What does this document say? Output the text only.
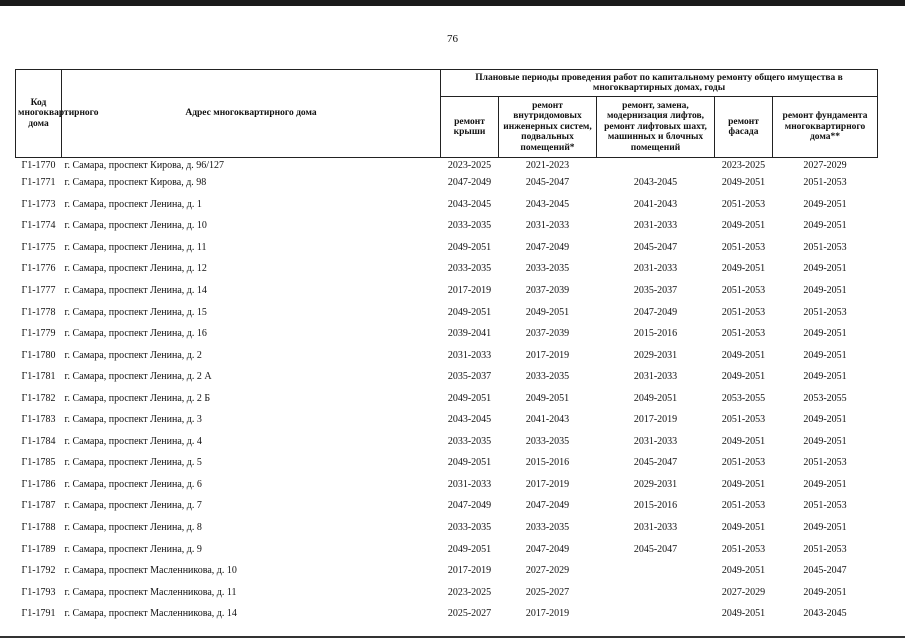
76
Код многоквартирного дома	Адрес многоквартирного дома	Плановые периоды проведения работ по капитальному ремонту общего имущества в многоквартирных домах, годы				
		ремонт крыши	ремонт внутридомовых инженерных систем, подвальных помещений*	ремонт, замена, модернизация лифтов, ремонт лифтовых шахт, машинных и блочных помещений	ремонт фасада	ремонт фундамента многоквартирного дома**
Г1-1770	г. Самара, проспект Кирова, д. 96/127	2023-2025	2021-2023		2023-2025	2027-2029
Г1-1771	г. Самара, проспект Кирова, д. 98	2047-2049	2045-2047	2043-2045	2049-2051	2051-2053
Г1-1773	г. Самара, проспект Ленина, д. 1	2043-2045	2043-2045	2041-2043	2051-2053	2049-2051
Г1-1774	г. Самара, проспект Ленина, д. 10	2033-2035	2031-2033	2031-2033	2049-2051	2049-2051
Г1-1775	г. Самара, проспект Ленина, д. 11	2049-2051	2047-2049	2045-2047	2051-2053	2051-2053
Г1-1776	г. Самара, проспект Ленина, д. 12	2033-2035	2033-2035	2031-2033	2049-2051	2049-2051
Г1-1777	г. Самара, проспект Ленина, д. 14	2017-2019	2037-2039	2035-2037	2051-2053	2049-2051
Г1-1778	г. Самара, проспект Ленина, д. 15	2049-2051	2049-2051	2047-2049	2051-2053	2051-2053
Г1-1779	г. Самара, проспект Ленина, д. 16	2039-2041	2037-2039	2015-2016	2051-2053	2049-2051
Г1-1780	г. Самара, проспект Ленина, д. 2	2031-2033	2017-2019	2029-2031	2049-2051	2049-2051
Г1-1781	г. Самара, проспект Ленина, д. 2 А	2035-2037	2033-2035	2031-2033	2049-2051	2049-2051
Г1-1782	г. Самара, проспект Ленина, д. 2 Б	2049-2051	2049-2051	2049-2051	2053-2055	2053-2055
Г1-1783	г. Самара, проспект Ленина, д. 3	2043-2045	2041-2043	2017-2019	2051-2053	2049-2051
Г1-1784	г. Самара, проспект Ленина, д. 4	2033-2035	2033-2035	2031-2033	2049-2051	2049-2051
Г1-1785	г. Самара, проспект Ленина, д. 5	2049-2051	2015-2016	2045-2047	2051-2053	2051-2053
Г1-1786	г. Самара, проспект Ленина, д. 6	2031-2033	2017-2019	2029-2031	2049-2051	2049-2051
Г1-1787	г. Самара, проспект Ленина, д. 7	2047-2049	2047-2049	2015-2016	2051-2053	2051-2053
Г1-1788	г. Самара, проспект Ленина, д. 8	2033-2035	2033-2035	2031-2033	2049-2051	2049-2051
Г1-1789	г. Самара, проспект Ленина, д. 9	2049-2051	2047-2049	2045-2047	2051-2053	2051-2053
Г1-1792	г. Самара, проспект Масленникова, д. 10	2017-2019	2027-2029		2049-2051	2045-2047
Г1-1793	г. Самара, проспект Масленникова, д. 11	2023-2025	2025-2027		2027-2029	2049-2051
Г1-1791	г. Самара, проспект Масленникова, д. 14	2025-2027	2017-2019		2049-2051	2043-2045
